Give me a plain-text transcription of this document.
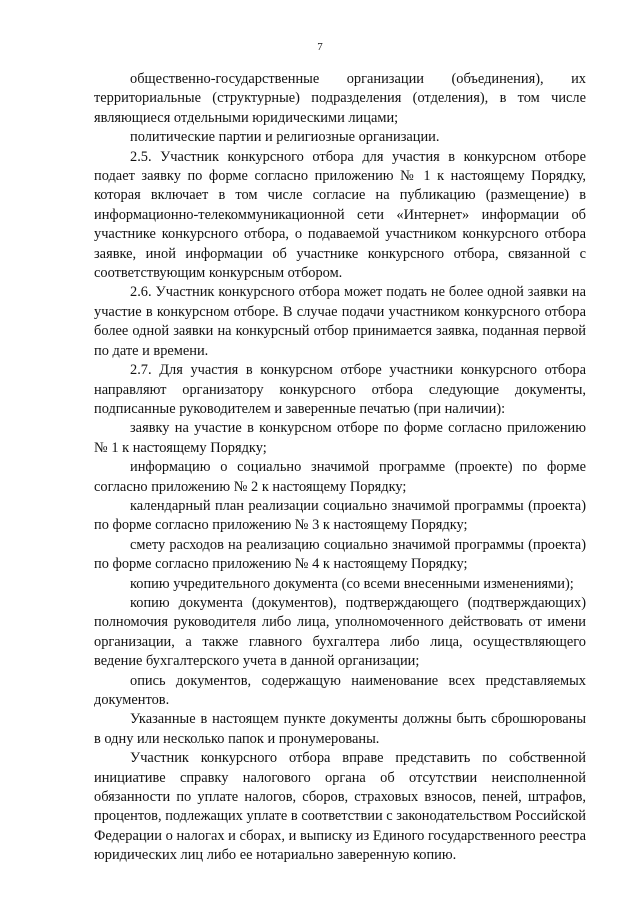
7

общественно-государственные организации (объединения), их территориальные (структурные) подразделения (отделения), в том числе являющиеся отдельными юридическими лицами;

политические партии и религиозные организации.

2.5. Участник конкурсного отбора для участия в конкурсном отборе подает заявку по форме согласно приложению № 1 к настоящему Порядку, которая включает в том числе согласие на публикацию (размещение) в информационно-телекоммуникационной сети «Интернет» информации об участнике конкурсного отбора, о подаваемой участником конкурсного отбора заявке, иной информации об участнике конкурсного отбора, связанной с соответствующим конкурсным отбором.

2.6. Участник конкурсного отбора может подать не более одной заявки на участие в конкурсном отборе. В случае подачи участником конкурсного отбора более одной заявки на конкурсный отбор принимается заявка, поданная первой по дате и времени.

2.7. Для участия в конкурсном отборе участники конкурсного отбора направляют организатору конкурсного отбора следующие документы, подписанные руководителем и заверенные печатью (при наличии):

заявку на участие в конкурсном отборе по форме согласно приложению № 1 к настоящему Порядку;

информацию о социально значимой программе (проекте) по форме согласно приложению № 2 к настоящему Порядку;

календарный план реализации социально значимой программы (проекта) по форме согласно приложению № 3 к настоящему Порядку;

смету расходов на реализацию социально значимой программы (проекта) по форме согласно приложению № 4 к настоящему Порядку;

копию учредительного документа (со всеми внесенными изменениями);

копию документа (документов), подтверждающего (подтверждающих) полномочия руководителя либо лица, уполномоченного действовать от имени организации, а также главного бухгалтера либо лица, осуществляющего ведение бухгалтерского учета в данной организации;

опись документов, содержащую наименование всех представляемых документов.

Указанные в настоящем пункте документы должны быть сброшюрованы в одну или несколько папок и пронумерованы.

Участник конкурсного отбора вправе представить по собственной инициативе справку налогового органа об отсутствии неисполненной обязанности по уплате налогов, сборов, страховых взносов, пеней, штрафов, процентов, подлежащих уплате в соответствии с законодательством Российской Федерации о налогах и сборах, и выписку из Единого государственного реестра юридических лиц либо ее нотариально заверенную копию.
